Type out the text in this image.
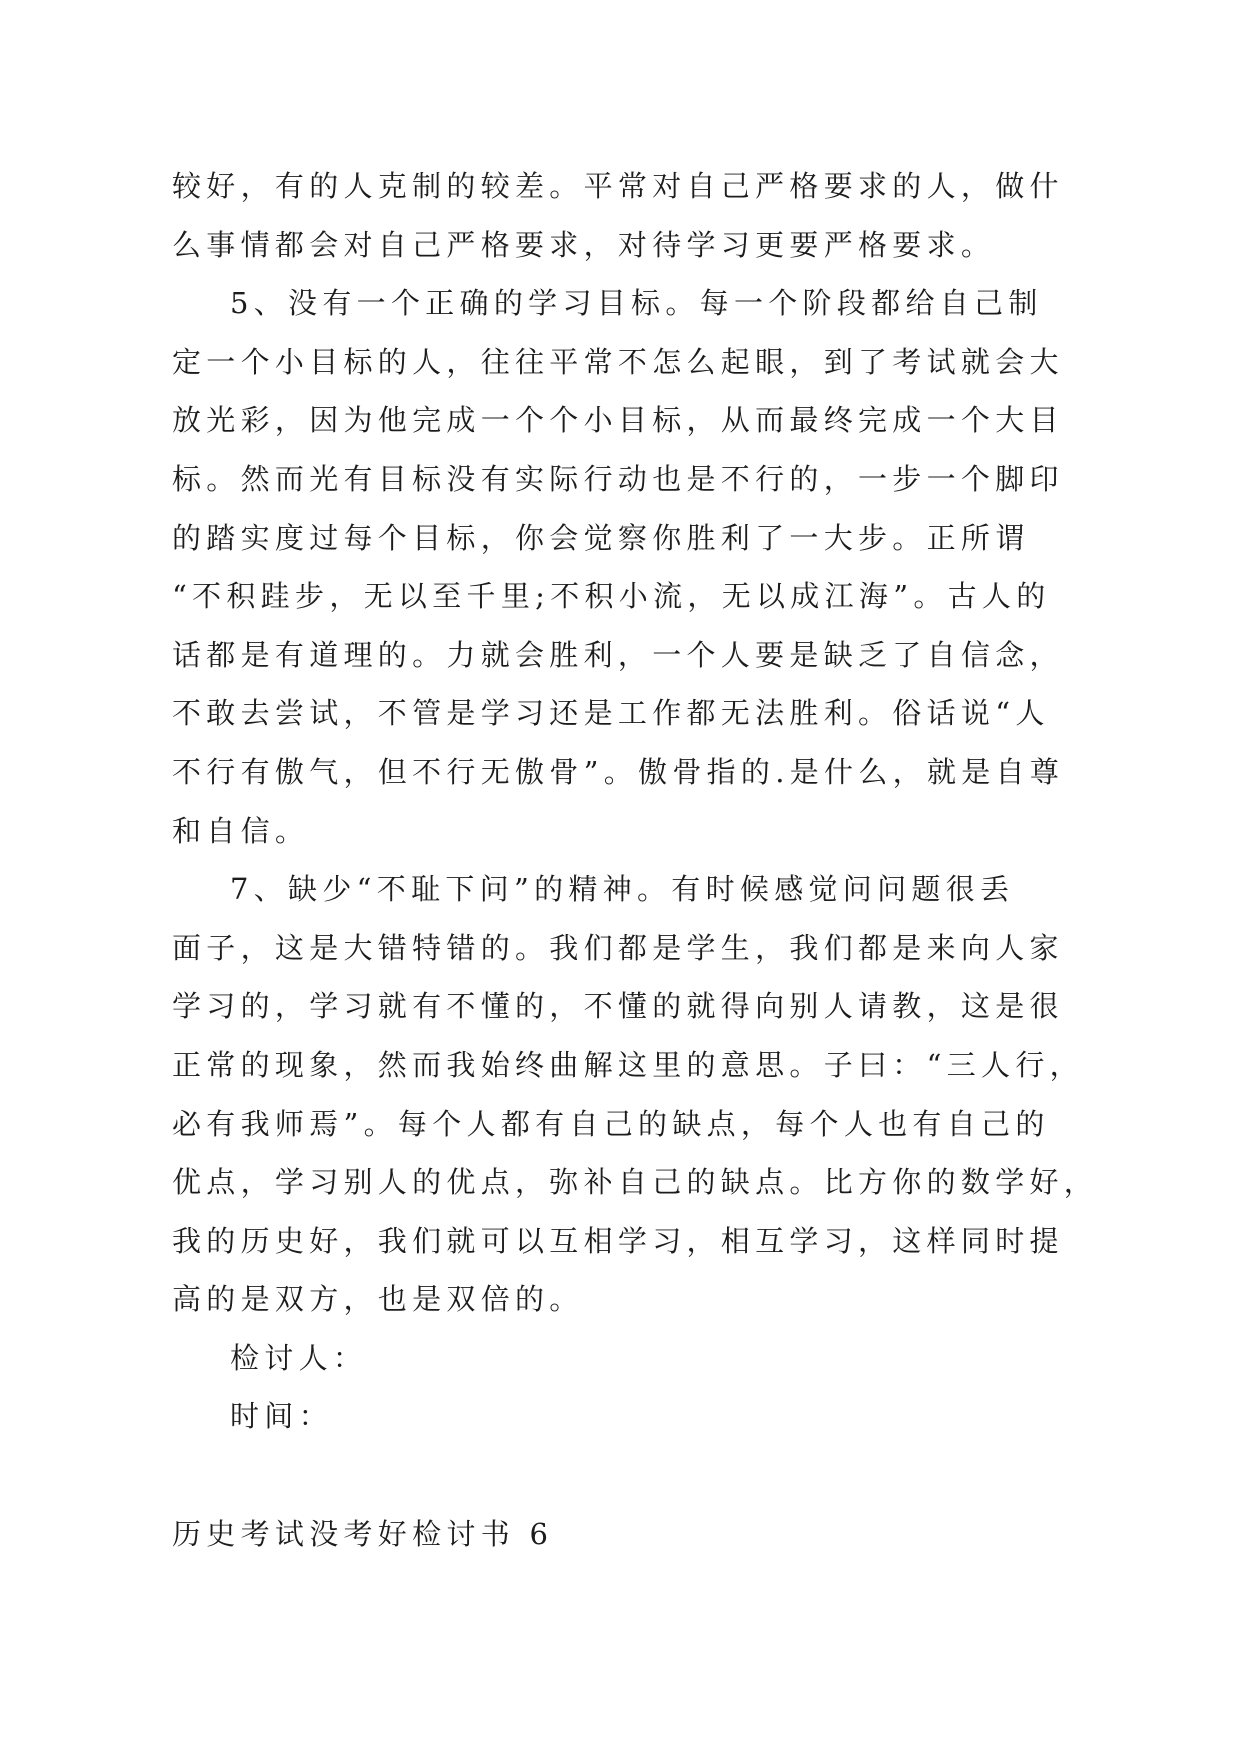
较好，有的人克制的较差。平常对自己严格要求的人，做什
么事情都会对自己严格要求，对待学习更要严格要求。
5、没有一个正确的学习目标。每一个阶段都给自己制
定一个小目标的人，往往平常不怎么起眼，到了考试就会大
放光彩，因为他完成一个个小目标，从而最终完成一个大目
标。然而光有目标没有实际行动也是不行的，一步一个脚印
的踏实度过每个目标，你会觉察你胜利了一大步。正所谓
“不积跬步，无以至千里;不积小流，无以成江海”。古人的
话都是有道理的。力就会胜利，一个人要是缺乏了自信念，
不敢去尝试，不管是学习还是工作都无法胜利。俗话说“人
不行有傲气，但不行无傲骨”。傲骨指的.是什么，就是自尊
和自信。
7、缺少“不耻下问”的精神。有时候感觉问问题很丢
面子，这是大错特错的。我们都是学生，我们都是来向人家
学习的，学习就有不懂的，不懂的就得向别人请教，这是很
正常的现象，然而我始终曲解这里的意思。子曰：“三人行，
必有我师焉”。每个人都有自己的缺点，每个人也有自己的
优点，学习别人的优点，弥补自己的缺点。比方你的数学好，
我的历史好，我们就可以互相学习，相互学习，这样同时提
高的是双方，也是双倍的。
检讨人：
时间：
历史考试没考好检讨书 6
